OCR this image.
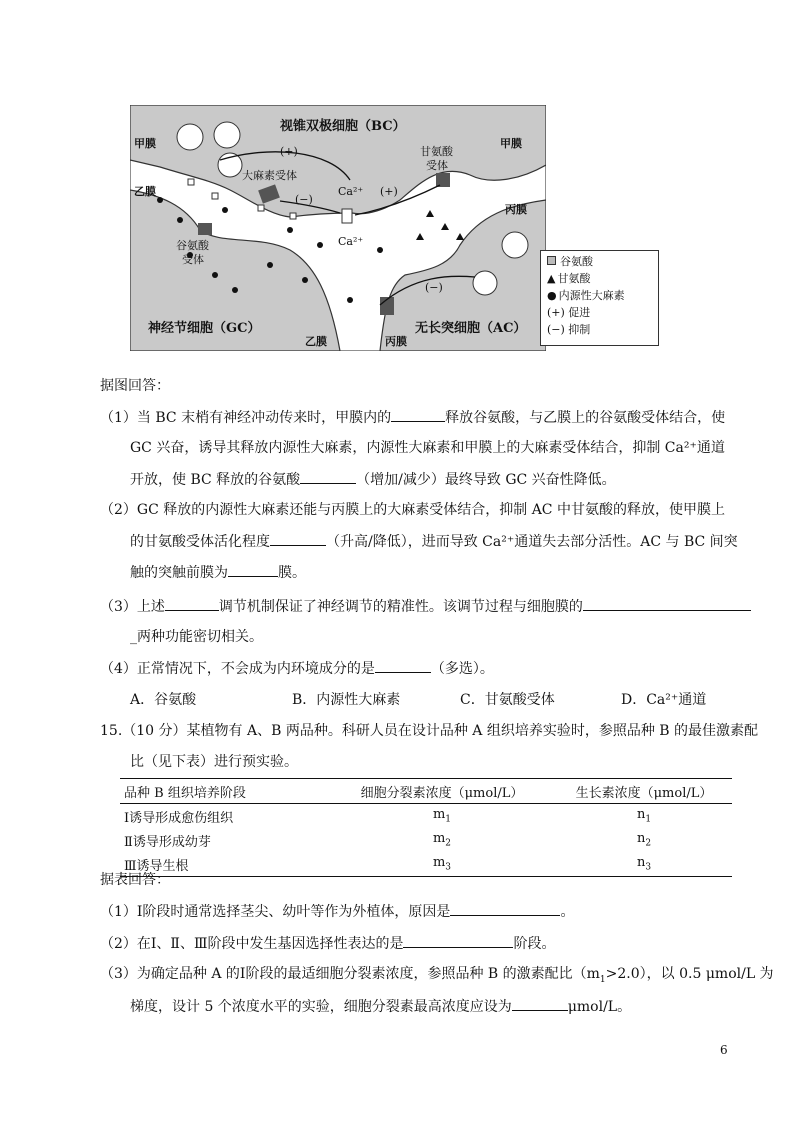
视锥双极细胞（BC）
甲膜	甲膜
乙膜
乙膜
丙膜
丙膜
大麻素受体
谷氨酸
受体
甘氨酸
受体
Ca²⁺
Ca²⁺
(+)
(+)
(−)
(−)
神经节细胞（GC）	无长突细胞（AC）
谷氨酸
▲ 甘氨酸
● 内源性大麻素
(+) 促进
(−) 抑制
据图回答：
（1）当 BC 末梢有神经冲动传来时，甲膜内的	释放谷氨酸，与乙膜上的谷氨酸受体结合，使
GC 兴奋，诱导其释放内源性大麻素，内源性大麻素和甲膜上的大麻素受体结合，抑制 Ca²⁺通道
开放，使 BC 释放的谷氨酸	（增加/减少）最终导致 GC 兴奋性降低。
（2）GC 释放的内源性大麻素还能与丙膜上的大麻素受体结合，抑制 AC 中甘氨酸的释放，使甲膜上
的甘氨酸受体活化程度	（升高/降低），进而导致 Ca²⁺通道失去部分活性。AC 与 BC 间突
触的突触前膜为	膜。
（3）上述	调节机制保证了神经调节的精准性。该调节过程与细胞膜的
_两种功能密切相关。
（4）正常情况下，不会成为内环境成分的是	（多选）。
A．谷氨酸	B．内源性大麻素	C．甘氨酸受体	D．Ca²⁺通道
15.（10 分）某植物有 A、B 两品种。科研人员在设计品种 A 组织培养实验时，参照品种 B 的最佳激素配
比（见下表）进行预实验。
品种 B 组织培养阶段	细胞分裂素浓度（μmol/L）	生长素浓度（μmol/L）
Ⅰ诱导形成愈伤组织	$m_1$	$n_1$
Ⅱ诱导形成幼芽	$m_2$	$n_2$
Ⅲ诱导生根	$m_3$	$n_3$
据表回答：
（1）Ⅰ阶段时通常选择茎尖、幼叶等作为外植体，原因是	。
（2）在Ⅰ、Ⅱ、Ⅲ阶段中发生基因选择性表达的是	阶段。
（3）为确定品种 A 的Ⅰ阶段的最适细胞分裂素浓度，参照品种 B 的激素配比$(m_1>2.0)$，以 0.5 μmol/L 为
梯度，设计 5 个浓度水平的实验，细胞分裂素最高浓度应设为	μmol/L。
6
